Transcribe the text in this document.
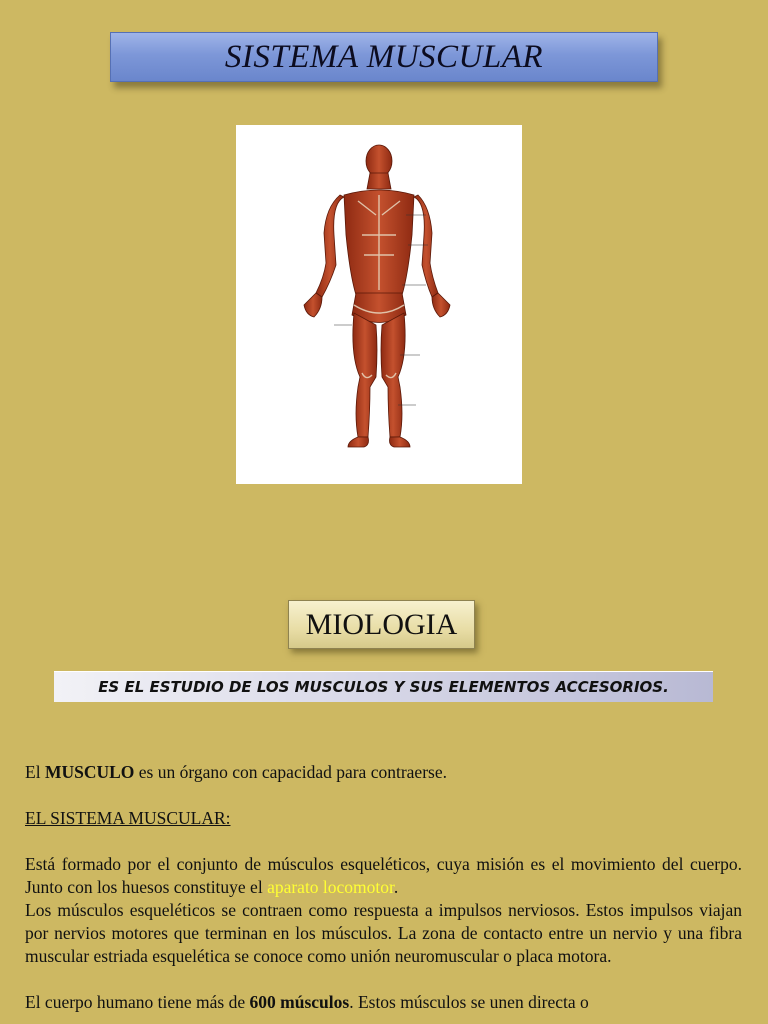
SISTEMA MUSCULAR
MIOLOGIA
ES EL ESTUDIO DE LOS MUSCULOS Y SUS ELEMENTOS ACCESORIOS.

El MUSCULO es un órgano con capacidad para contraerse.

EL SISTEMA MUSCULAR:

Está formado por el conjunto de músculos esqueléticos, cuya misión es el movimiento del cuerpo. Junto con los huesos constituye el aparato locomotor.

Los músculos esqueléticos se contraen como respuesta a impulsos nerviosos. Estos impulsos viajan por nervios motores que terminan en los músculos. La zona de contacto entre un nervio y una fibra muscular estriada esquelética se conoce como unión neuromuscular o placa motora.

El cuerpo humano tiene más de 600 músculos. Estos músculos se unen directa o
